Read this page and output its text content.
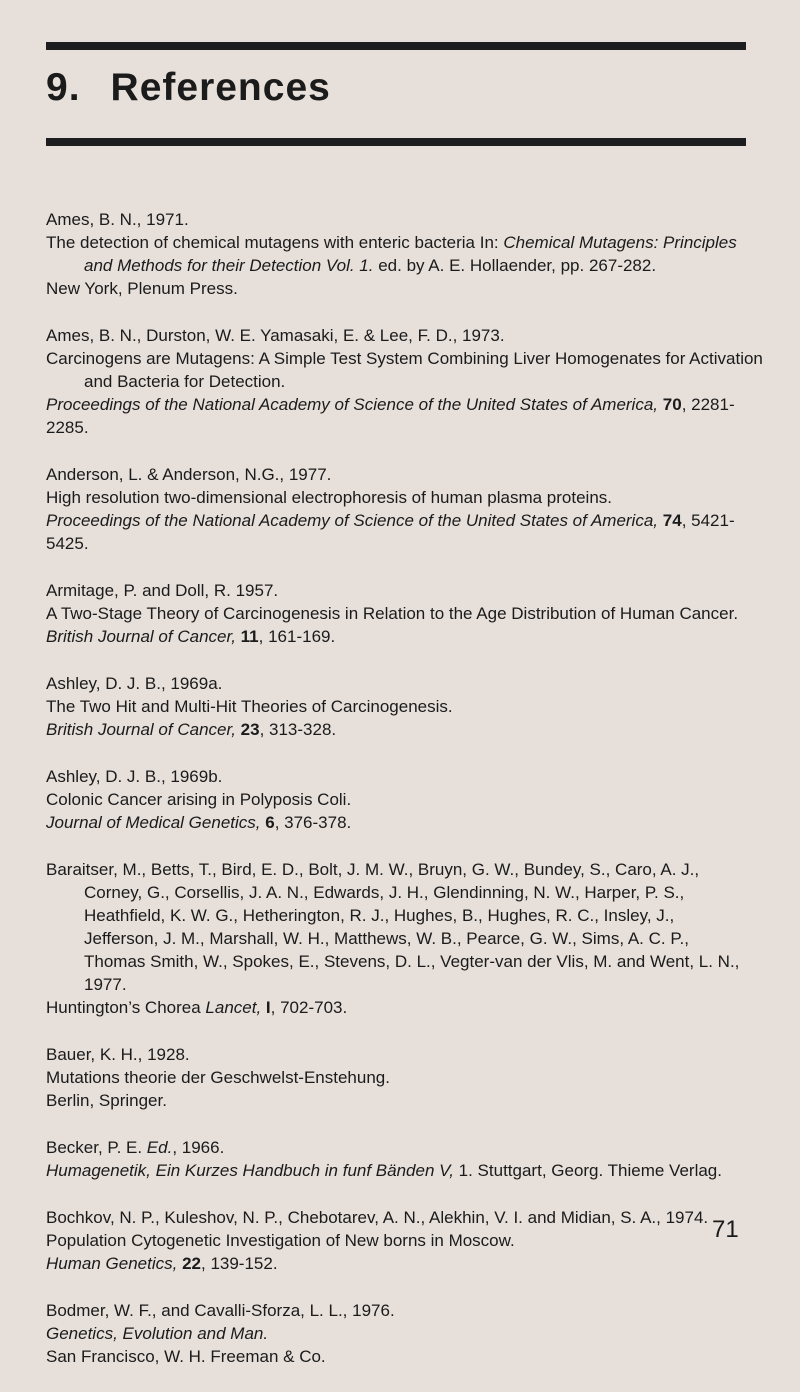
9. References
Ames, B. N., 1971.
The detection of chemical mutagens with enteric bacteria In: Chemical Mutagens: Principles
and Methods for their Detection Vol. 1. ed. by A. E. Hollaender, pp. 267-282.
New York, Plenum Press.
Ames, B. N., Durston, W. E. Yamasaki, E. & Lee, F. D., 1973.
Carcinogens are Mutagens: A Simple Test System Combining Liver Homogenates for Activation
and Bacteria for Detection.
Proceedings of the National Academy of Science of the United States of America, 70, 2281-2285.
Anderson, L. & Anderson, N.G., 1977.
High resolution two-dimensional electrophoresis of human plasma proteins.
Proceedings of the National Academy of Science of the United States of America, 74, 5421-5425.
Armitage, P. and Doll, R. 1957.
A Two-Stage Theory of Carcinogenesis in Relation to the Age Distribution of Human Cancer.
British Journal of Cancer, 11, 161-169.
Ashley, D. J. B., 1969a.
The Two Hit and Multi-Hit Theories of Carcinogenesis.
British Journal of Cancer, 23, 313-328.
Ashley, D. J. B., 1969b.
Colonic Cancer arising in Polyposis Coli.
Journal of Medical Genetics, 6, 376-378.
Baraitser, M., Betts, T., Bird, E. D., Bolt, J. M. W., Bruyn, G. W., Bundey, S., Caro, A. J.,
Corney, G., Corsellis, J. A. N., Edwards, J. H., Glendinning, N. W., Harper, P. S.,
Heathfield, K. W. G., Hetherington, R. J., Hughes, B., Hughes, R. C., Insley, J.,
Jefferson, J. M., Marshall, W. H., Matthews, W. B., Pearce, G. W., Sims, A. C. P.,
Thomas Smith, W., Spokes, E., Stevens, D. L., Vegter-van der Vlis, M. and Went, L. N.,
1977.
Huntington’s Chorea Lancet, I, 702-703.
Bauer, K. H., 1928.
Mutations theorie der Geschwelst-Enstehung.
Berlin, Springer.
Becker, P. E. Ed., 1966.
Humagenetik, Ein Kurzes Handbuch in funf Bänden V, 1. Stuttgart, Georg. Thieme Verlag.
Bochkov, N. P., Kuleshov, N. P., Chebotarev, A. N., Alekhin, V. I. and Midian, S. A., 1974.
Population Cytogenetic Investigation of New borns in Moscow.
Human Genetics, 22, 139-152.
Bodmer, W. F., and Cavalli-Sforza, L. L., 1976.
Genetics, Evolution and Man.
San Francisco, W. H. Freeman & Co.
71
